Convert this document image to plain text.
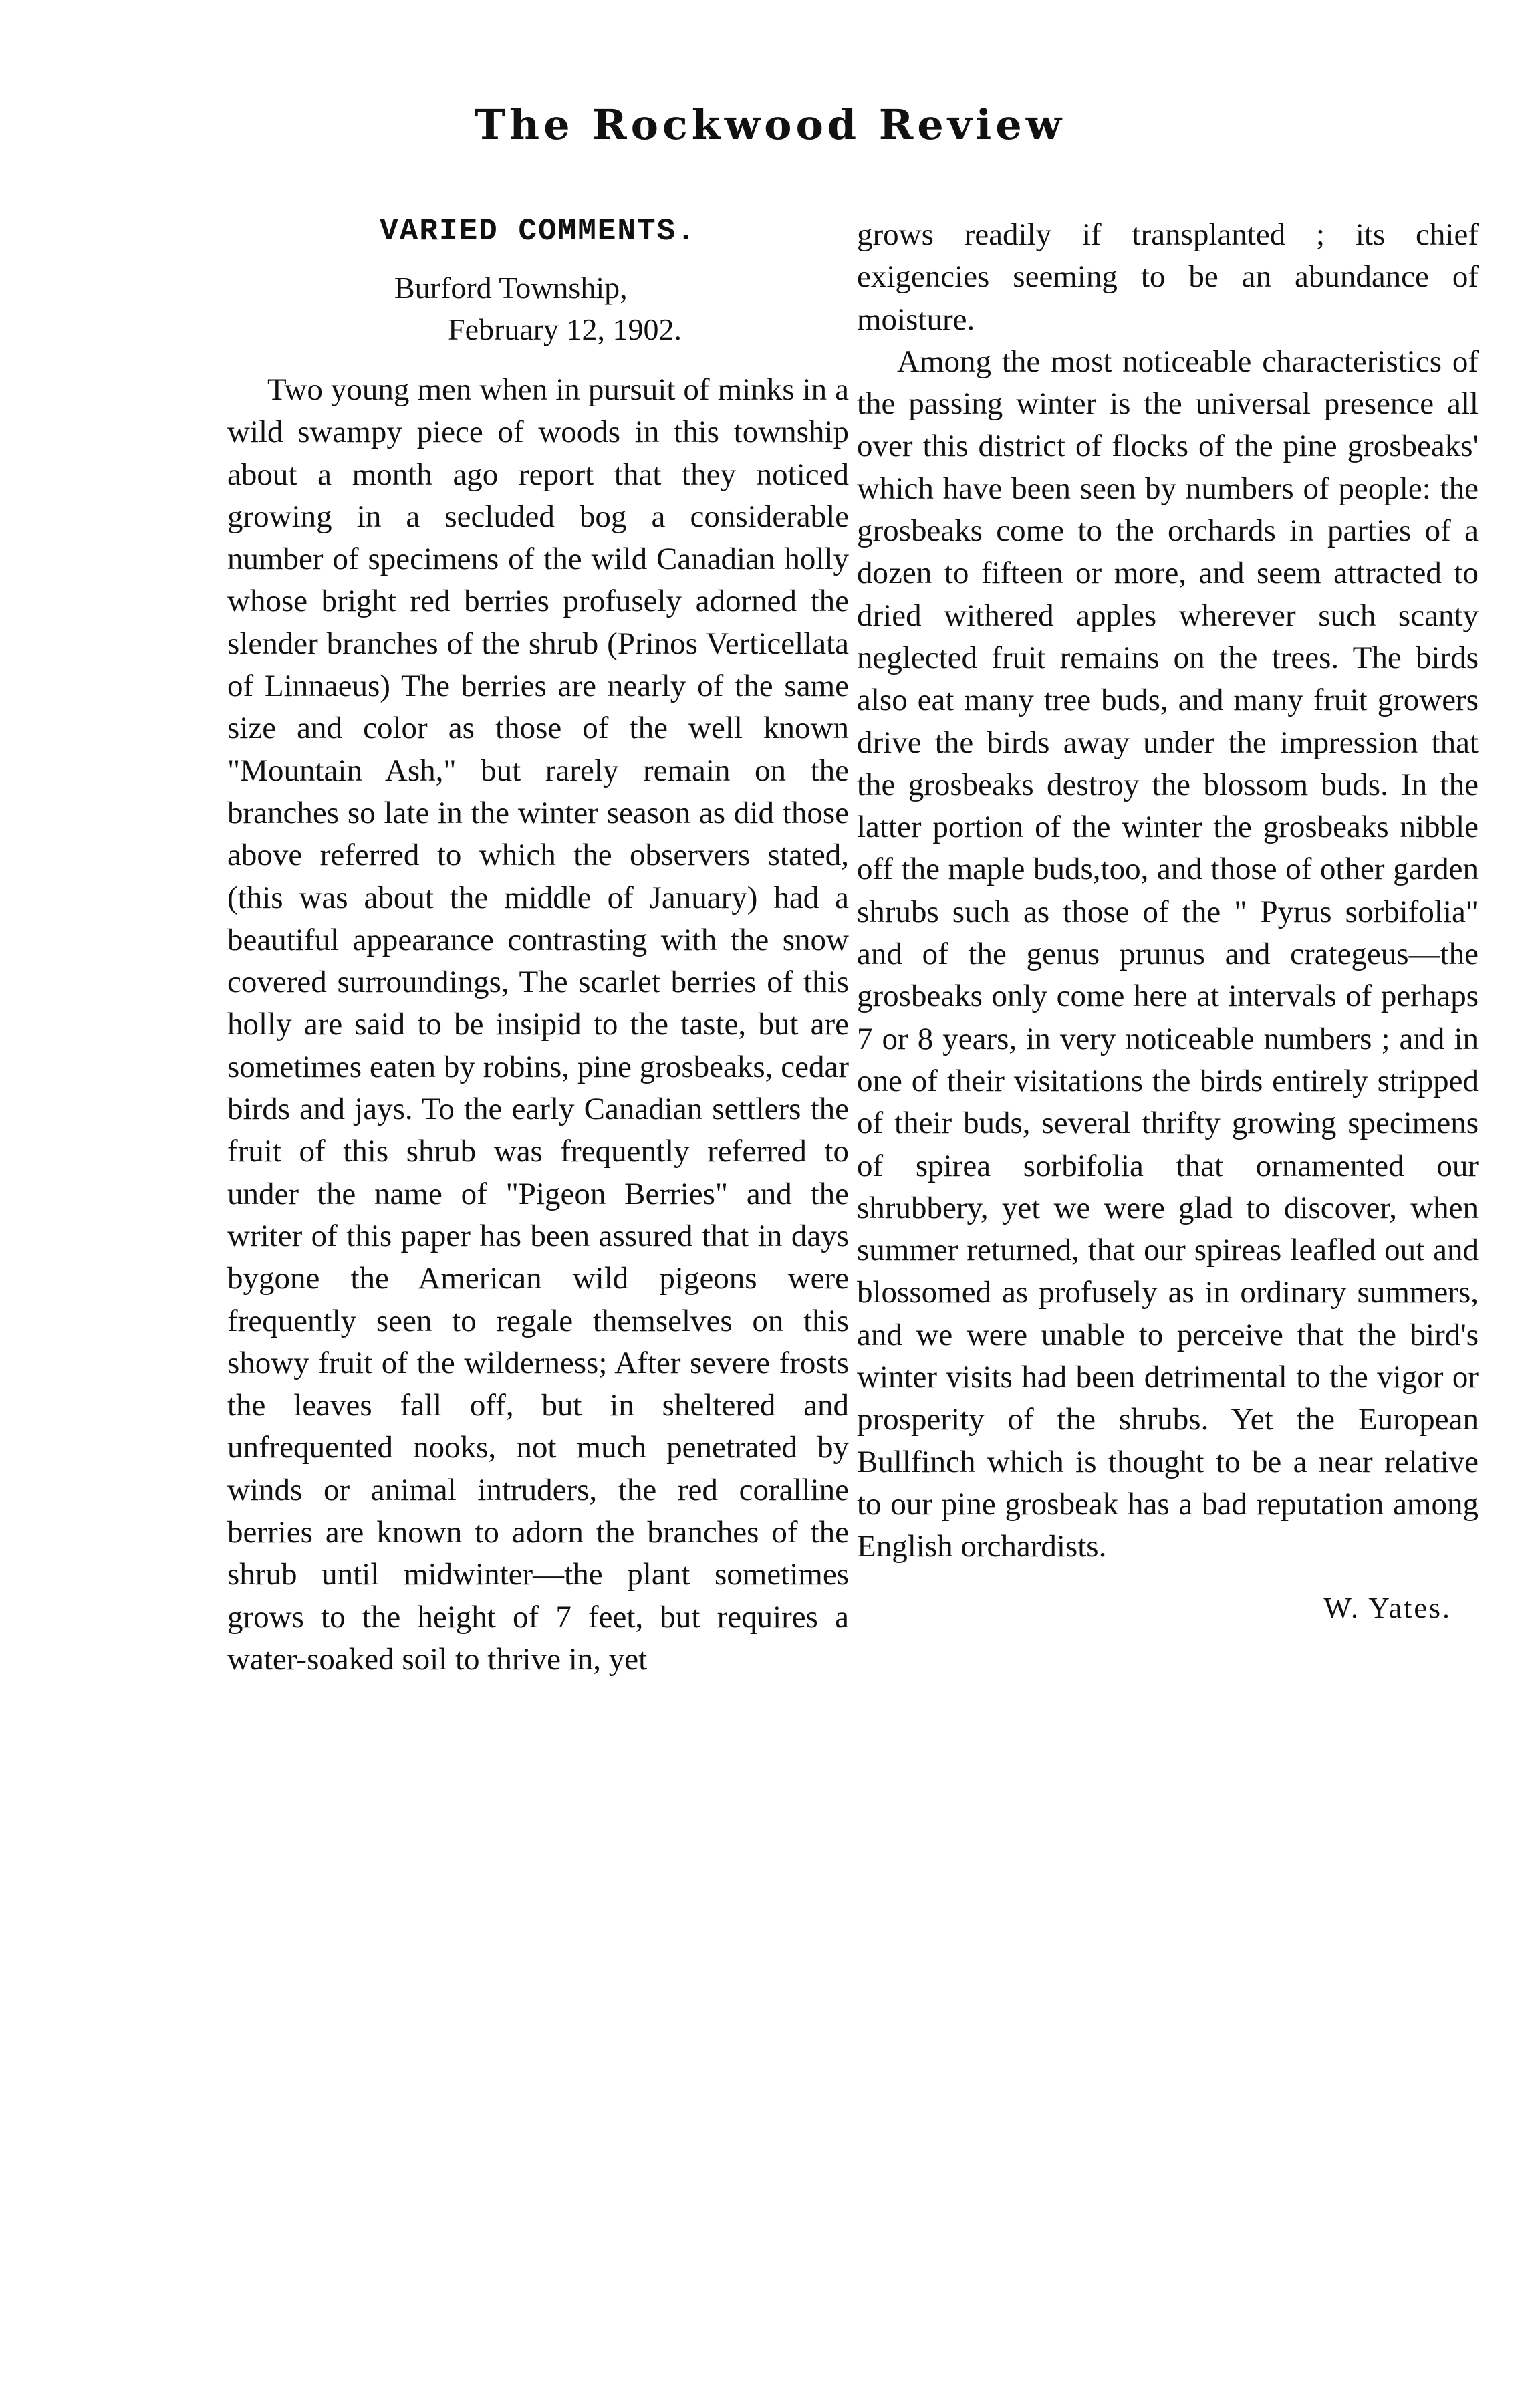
The Rockwood Review
VARIED COMMENTS.
Burford Township,
February 12, 1902.

Two young men when in pursuit of minks in a wild swampy piece of woods in this township about a month ago report that they noticed growing in a secluded bog a considerable number of specimens of the wild Canadian holly whose bright red berries profusely adorned the slender branches of the shrub (Prinos Verticellata of Linnaeus) The berries are nearly of the same size and color as those of the well known "Mountain Ash," but rarely remain on the branches so late in the winter season as did those above referred to which the observers stated, (this was about the middle of January) had a beautiful appearance contrasting with the snow covered surroundings, The scarlet berries of this holly are said to be insipid to the taste, but are sometimes eaten by robins, pine grosbeaks, cedar birds and jays. To the early Canadian settlers the fruit of this shrub was frequently referred to under the name of "Pigeon Berries" and the writer of this paper has been assured that in days bygone the American wild pigeons were frequently seen to regale themselves on this showy fruit of the wilderness; After severe frosts the leaves fall off, but in sheltered and unfrequented nooks, not much penetrated by winds or animal intruders, the red coralline berries are known to adorn the branches of the shrub until midwinter—the plant sometimes grows to the height of 7 feet, but requires a water-soaked soil to thrive in, yet

grows readily if transplanted ; its chief exigencies seeming to be an abundance of moisture.

Among the most noticeable characteristics of the passing winter is the universal presence all over this district of flocks of the pine grosbeaks' which have been seen by numbers of people: the grosbeaks come to the orchards in parties of a dozen to fifteen or more, and seem attracted to dried withered apples wherever such scanty neglected fruit remains on the trees. The birds also eat many tree buds, and many fruit growers drive the birds away under the impression that the grosbeaks destroy the blossom buds. In the latter portion of the winter the grosbeaks nibble off the maple buds,too, and those of other garden shrubs such as those of the " Pyrus sorbifolia" and of the genus prunus and crategeus—the grosbeaks only come here at intervals of perhaps 7 or 8 years, in very noticeable numbers ; and in one of their visitations the birds entirely stripped of their buds, several thrifty growing specimens of spirea sorbifolia that ornamented our shrubbery, yet we were glad to discover, when summer returned, that our spireas leafled out and blossomed as profusely as in ordinary summers, and we were unable to perceive that the bird's winter visits had been detrimental to the vigor or prosperity of the shrubs. Yet the European Bullfinch which is thought to be a near relative to our pine grosbeak has a bad reputation among English orchardists.

W. Yates.
